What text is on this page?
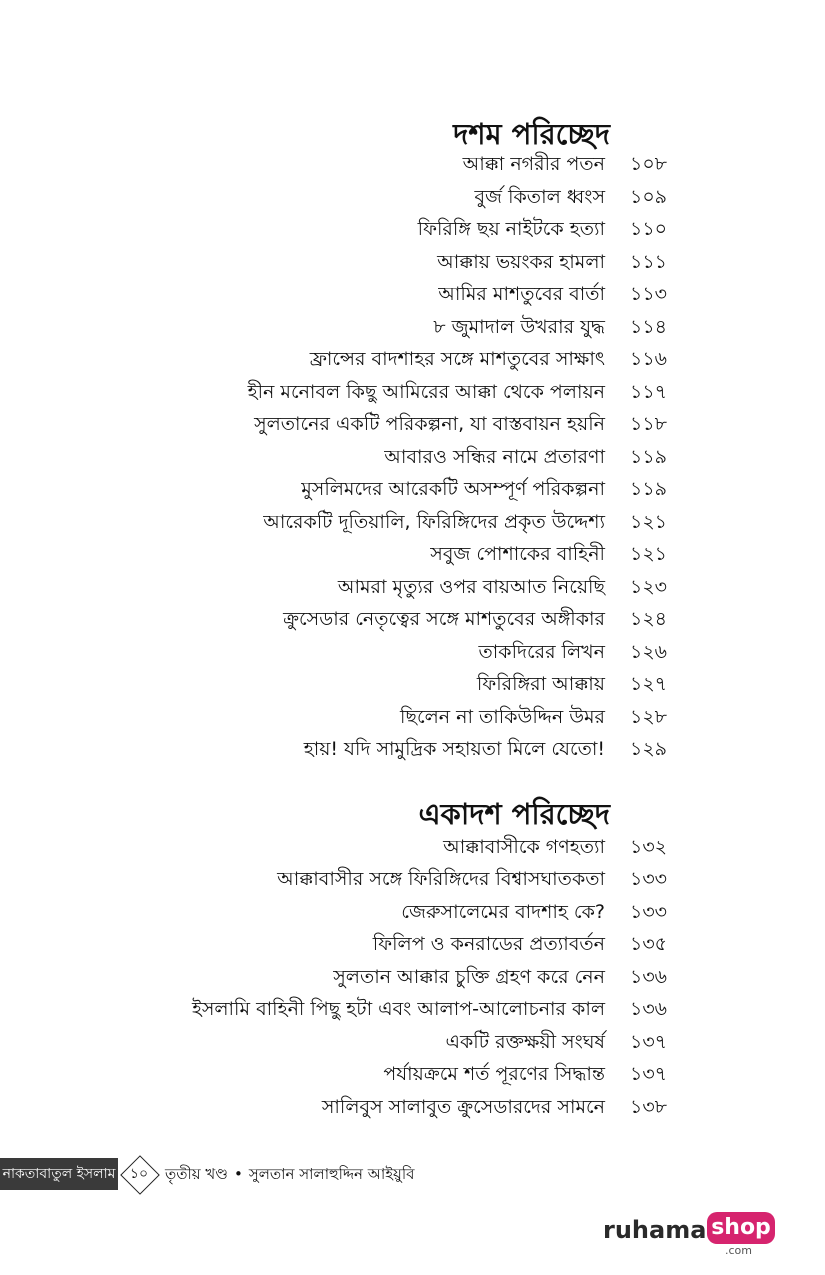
দশম পরিচ্ছেদ
আক্কা নগরীর পতন ১০৮
বুর্জ কিতাল ধ্বংস ১০৯
ফিরিঙ্গি ছয় নাইটকে হত্যা ১১০
আক্কায় ভয়ংকর হামলা ১১১
আমির মাশতুবের বার্তা ১১৩
৮ জুমাদাল উখরার যুদ্ধ ১১৪
ফ্রান্সের বাদশাহর সঙ্গে মাশতুবের সাক্ষাৎ ১১৬
হীন মনোবল কিছু আমিরের আক্কা থেকে পলায়ন ১১৭
সুলতানের একটি পরিকল্পনা, যা বাস্তবায়ন হয়নি ১১৮
আবারও সন্ধির নামে প্রতারণা ১১৯
মুসলিমদের আরেকটি অসম্পূর্ণ পরিকল্পনা ১১৯
আরেকটি দূতিয়ালি, ফিরিঙ্গিদের প্রকৃত উদ্দেশ্য ১২১
সবুজ পোশাকের বাহিনী ১২১
আমরা মৃত্যুর ওপর বায়আত নিয়েছি ১২৩
ক্রুসেডার নেতৃত্বের সঙ্গে মাশতুবের অঙ্গীকার ১২৪
তাকদিরের লিখন ১২৬
ফিরিঙ্গিরা আক্কায় ১২৭
ছিলেন না তাকিউদ্দিন উমর ১২৮
হায়! যদি সামুদ্রিক সহায়তা মিলে যেতো! ১২৯
একাদশ পরিচ্ছেদ
আক্কাবাসীকে গণহত্যা ১৩২
আক্কাবাসীর সঙ্গে ফিরিঙ্গিদের বিশ্বাসঘাতকতা ১৩৩
জেরুসালেমের বাদশাহ কে? ১৩৩
ফিলিপ ও কনরাডের প্রত্যাবর্তন ১৩৫
সুলতান আক্কার চুক্তি গ্রহণ করে নেন ১৩৬
ইসলামি বাহিনী পিছু হটা এবং আলাপ-আলোচনার কাল ১৩৬
একটি রক্তক্ষয়ী সংঘর্ষ ১৩৭
পর্যায়ক্রমে শর্ত পূরণের সিদ্ধান্ত ১৩৭
সালিবুস সালাবুত ক্রুসেডারদের সামনে ১৩৮
নাকতাবাতুল ইসলাম	১০	তৃতীয় খণ্ড • সুলতান সালাহুদ্দিন আইয়ুবি
ruhama shop
.com
